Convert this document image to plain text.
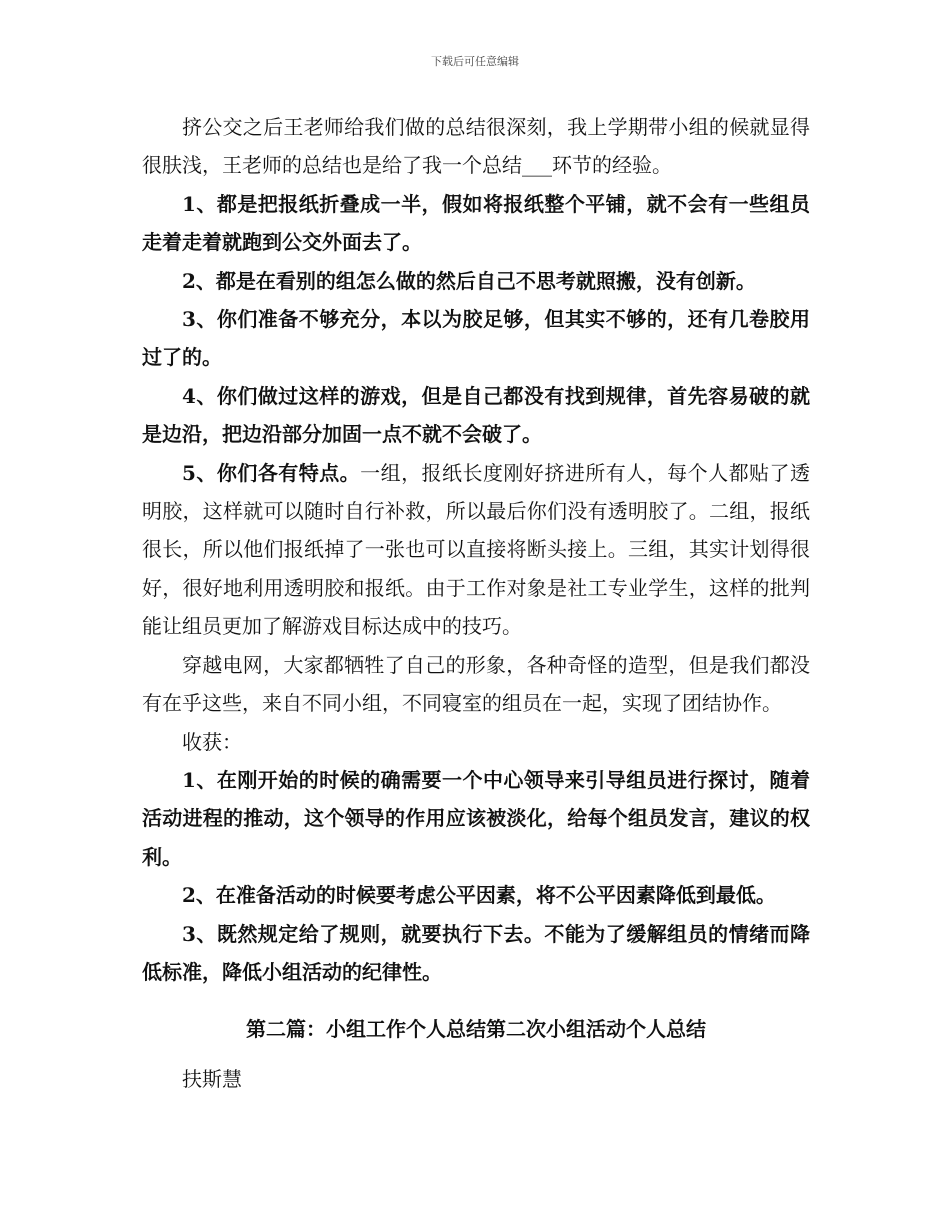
下载后可任意编辑

挤公交之后王老师给我们做的总结很深刻，我上学期带小组的候就显得很肤浅，王老师的总结也是给了我一个总结___环节的经验。

1、都是把报纸折叠成一半，假如将报纸整个平铺，就不会有一些组员走着走着就跑到公交外面去了。

2、都是在看别的组怎么做的然后自己不思考就照搬，没有创新。

3、你们准备不够充分，本以为胶足够，但其实不够的，还有几卷胶用过了的。

4、你们做过这样的游戏，但是自己都没有找到规律，首先容易破的就是边沿，把边沿部分加固一点不就不会破了。

5、你们各有特点。一组，报纸长度刚好挤进所有人，每个人都贴了透明胶，这样就可以随时自行补救，所以最后你们没有透明胶了。二组，报纸很长，所以他们报纸掉了一张也可以直接将断头接上。三组，其实计划得很好，很好地利用透明胶和报纸。由于工作对象是社工专业学生，这样的批判能让组员更加了解游戏目标达成中的技巧。

穿越电网，大家都牺牲了自己的形象，各种奇怪的造型，但是我们都没有在乎这些，来自不同小组，不同寝室的组员在一起，实现了团结协作。

收获：

1、在刚开始的时候的确需要一个中心领导来引导组员进行探讨，随着活动进程的推动，这个领导的作用应该被淡化，给每个组员发言，建议的权利。

2、在准备活动的时候要考虑公平因素，将不公平因素降低到最低。

3、既然规定给了规则，就要执行下去。不能为了缓解组员的情绪而降低标准，降低小组活动的纪律性。

第二篇：小组工作个人总结第二次小组活动个人总结

扶斯慧
